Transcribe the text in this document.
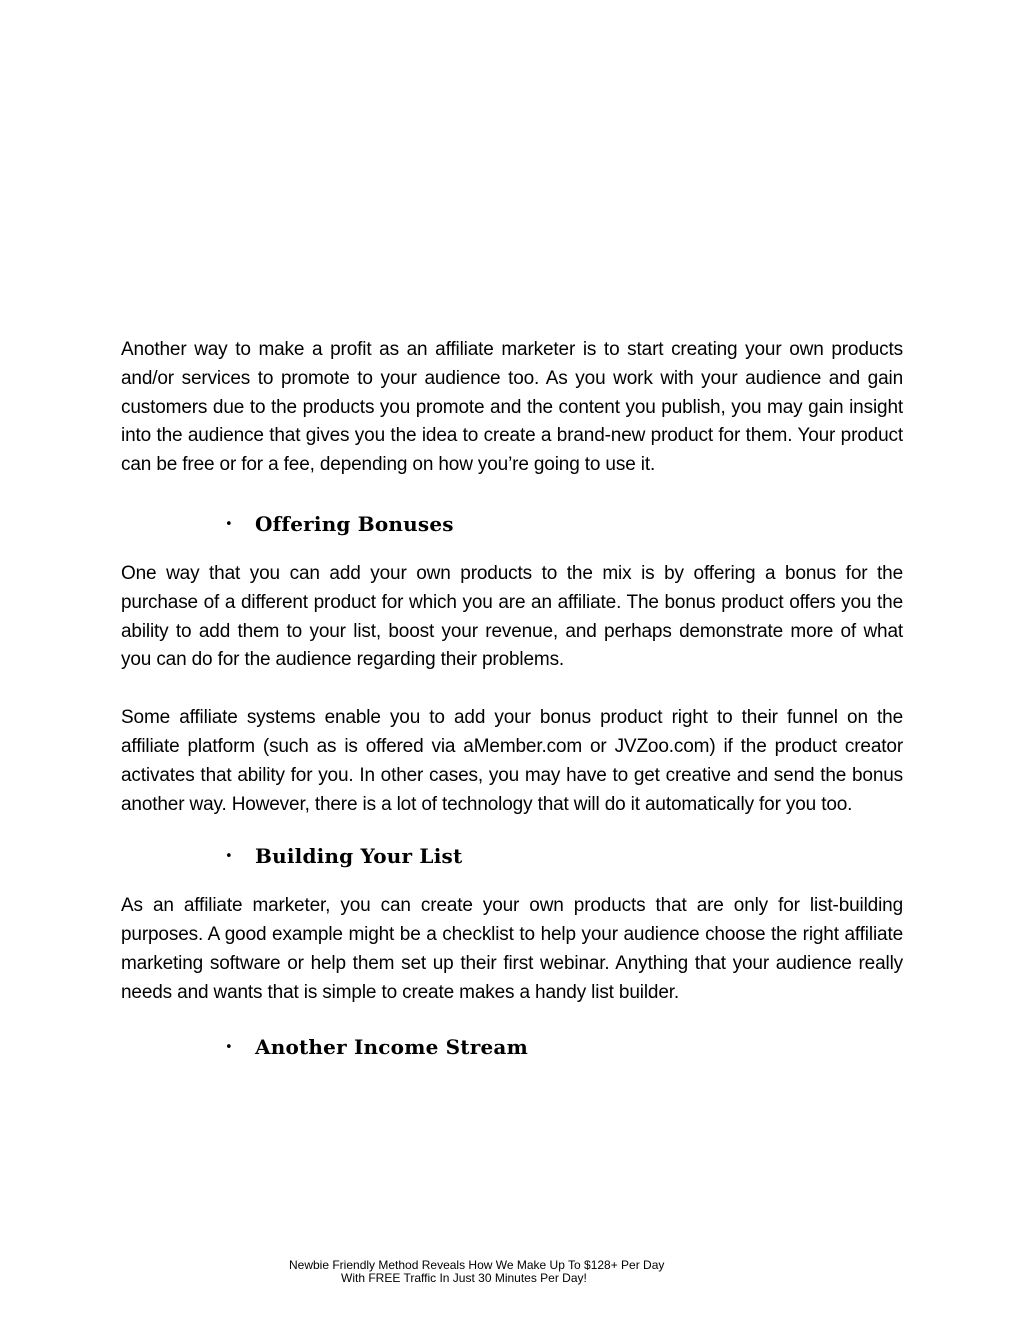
Another way to make a profit as an affiliate marketer is to start creating your own products and/or services to promote to your audience too. As you work with your audience and gain customers due to the products you promote and the content you publish, you may gain insight into the audience that gives you the idea to create a brand-new product for them. Your product can be free or for a fee, depending on how you’re going to use it.

•	Offering Bonuses

One way that you can add your own products to the mix is by offering a bonus for the purchase of a different product for which you are an affiliate. The bonus product offers you the ability to add them to your list, boost your revenue, and perhaps demonstrate more of what you can do for the audience regarding their problems.

Some affiliate systems enable you to add your bonus product right to their funnel on the affiliate platform (such as is offered via aMember.com or JVZoo.com) if the product creator activates that ability for you. In other cases, you may have to get creative and send the bonus another way. However, there is a lot of technology that will do it automatically for you too.

•	Building Your List

As an affiliate marketer, you can create your own products that are only for list-building purposes. A good example might be a checklist to help your audience choose the right affiliate marketing software or help them set up their first webinar. Anything that your audience really needs and wants that is simple to create makes a handy list builder.

•	Another Income Stream
Newbie Friendly Method Reveals How We Make Up To $128+ Per Day
With FREE Traffic In Just 30 Minutes Per Day!
